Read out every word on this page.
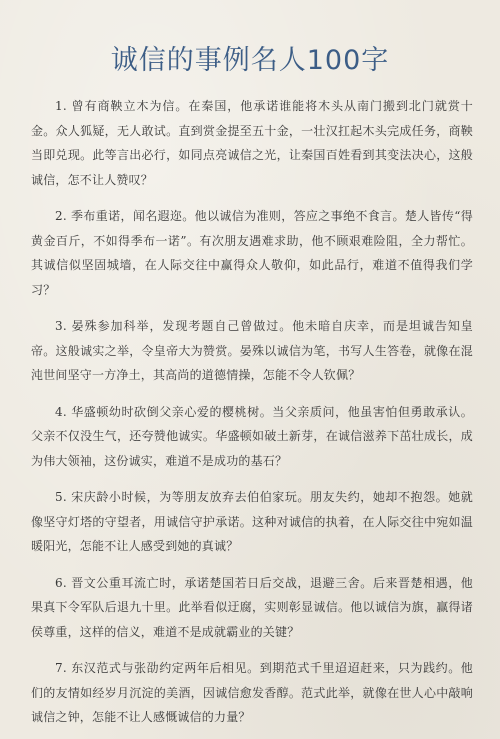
诚信的事例名人100字

1. 曾有商鞅立木为信。在秦国，他承诺谁能将木头从南门搬到北门就赏十金。众人狐疑，无人敢试。直到赏金提至五十金，一壮汉扛起木头完成任务，商鞅当即兑现。此等言出必行，如同点亮诚信之光，让秦国百姓看到其变法决心，这般诚信，怎不让人赞叹？

2. 季布重诺，闻名遐迩。他以诚信为准则，答应之事绝不食言。楚人皆传“得黄金百斤，不如得季布一诺”。有次朋友遇难求助，他不顾艰难险阻，全力帮忙。其诚信似坚固城墙，在人际交往中赢得众人敬仰，如此品行，难道不值得我们学习？

3. 晏殊参加科举，发现考题自己曾做过。他未暗自庆幸，而是坦诚告知皇帝。这般诚实之举，令皇帝大为赞赏。晏殊以诚信为笔，书写人生答卷，就像在混沌世间坚守一方净土，其高尚的道德情操，怎能不令人钦佩？

4. 华盛顿幼时砍倒父亲心爱的樱桃树。当父亲质问，他虽害怕但勇敢承认。父亲不仅没生气，还夸赞他诚实。华盛顿如破土新芽，在诚信滋养下茁壮成长，成为伟大领袖，这份诚实，难道不是成功的基石？

5. 宋庆龄小时候，为等朋友放弃去伯伯家玩。朋友失约，她却不抱怨。她就像坚守灯塔的守望者，用诚信守护承诺。这种对诚信的执着，在人际交往中宛如温暖阳光，怎能不让人感受到她的真诚？

6. 晋文公重耳流亡时，承诺楚国若日后交战，退避三舍。后来晋楚相遇，他果真下令军队后退九十里。此举看似迂腐，实则彰显诚信。他以诚信为旗，赢得诸侯尊重，这样的信义，难道不是成就霸业的关键？

7. 东汉范式与张劭约定两年后相见。到期范式千里迢迢赶来，只为践约。他们的友情如经岁月沉淀的美酒，因诚信愈发香醇。范式此举，就像在世人心中敲响诚信之钟，怎能不让人感慨诚信的力量？
